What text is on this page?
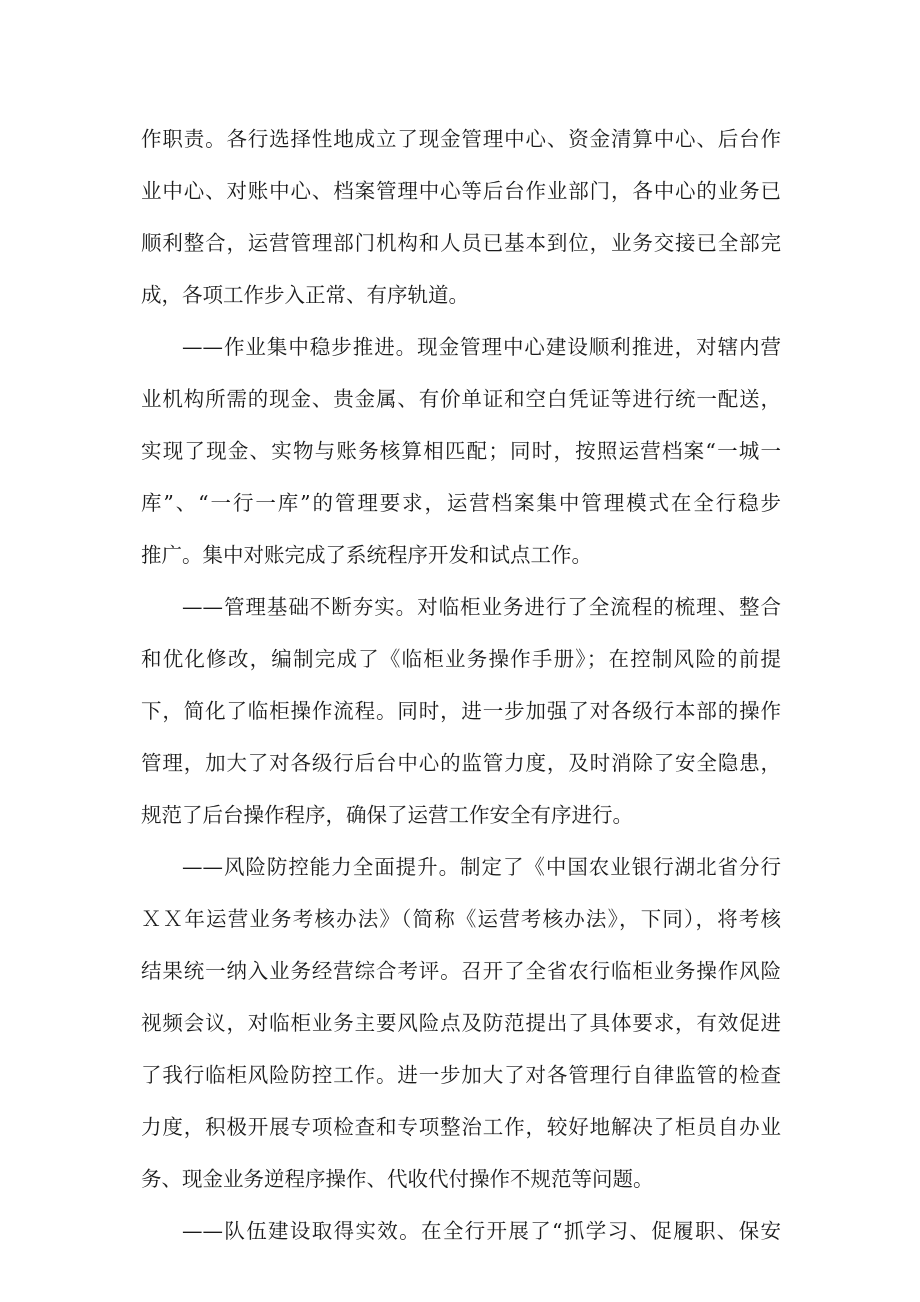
作职责。各行选择性地成立了现金管理中心、资金清算中心、后台作
业中心、对账中心、档案管理中心等后台作业部门，各中心的业务已
顺利整合，运营管理部门机构和人员已基本到位，业务交接已全部完
成，各项工作步入正常、有序轨道。

——作业集中稳步推进。现金管理中心建设顺利推进，对辖内营
业机构所需的现金、贵金属、有价单证和空白凭证等进行统一配送，
实现了现金、实物与账务核算相匹配；同时，按照运营档案“一城一
库”、“一行一库”的管理要求，运营档案集中管理模式在全行稳步
推广。集中对账完成了系统程序开发和试点工作。

——管理基础不断夯实。对临柜业务进行了全流程的梳理、整合
和优化修改，编制完成了《临柜业务操作手册》；在控制风险的前提
下，简化了临柜操作流程。同时，进一步加强了对各级行本部的操作
管理，加大了对各级行后台中心的监管力度，及时消除了安全隐患，
规范了后台操作程序，确保了运营工作安全有序进行。

——风险防控能力全面提升。制定了《中国农业银行湖北省分行
ＸＸ年运营业务考核办法》（简称《运营考核办法》，下同），将考核
结果统一纳入业务经营综合考评。召开了全省农行临柜业务操作风险
视频会议，对临柜业务主要风险点及防范提出了具体要求，有效促进
了我行临柜风险防控工作。进一步加大了对各管理行自律监管的检查
力度，积极开展专项检查和专项整治工作，较好地解决了柜员自办业
务、现金业务逆程序操作、代收代付操作不规范等问题。

——队伍建设取得实效。在全行开展了“抓学习、促履职、保安
